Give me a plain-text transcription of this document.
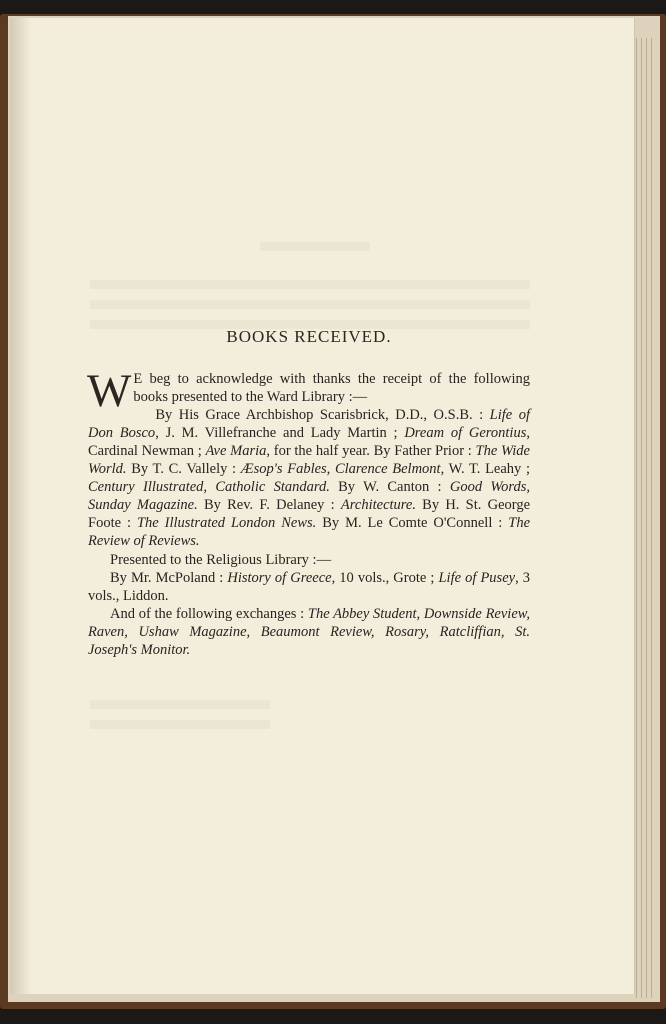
BOOKS RECEIVED.

W E beg to acknowledge with thanks the receipt of the following books presented to the Ward Library :—

By His Grace Archbishop Scarisbrick, D.D., O.S.B. : Life of Don Bosco, J. M. Villefranche and Lady Martin ; Dream of Gerontius, Cardinal Newman ; Ave Maria, for the half year. By Father Prior : The Wide World. By T. C. Vallely : Æsop's Fables, Clarence Belmont, W. T. Leahy ; Century Illustrated, Catholic Standard. By W. Canton : Good Words, Sunday Magazine. By Rev. F. Delaney : Architecture. By H. St. George Foote : The Illustrated London News. By M. Le Comte O'Connell : The Review of Reviews.

Presented to the Religious Library :—

By Mr. McPoland : History of Greece, 10 vols., Grote ; Life of Pusey, 3 vols., Liddon.

And of the following exchanges : The Abbey Student, Downside Review, Raven, Ushaw Magazine, Beaumont Review, Rosary, Ratcliffian, St. Joseph's Monitor.
